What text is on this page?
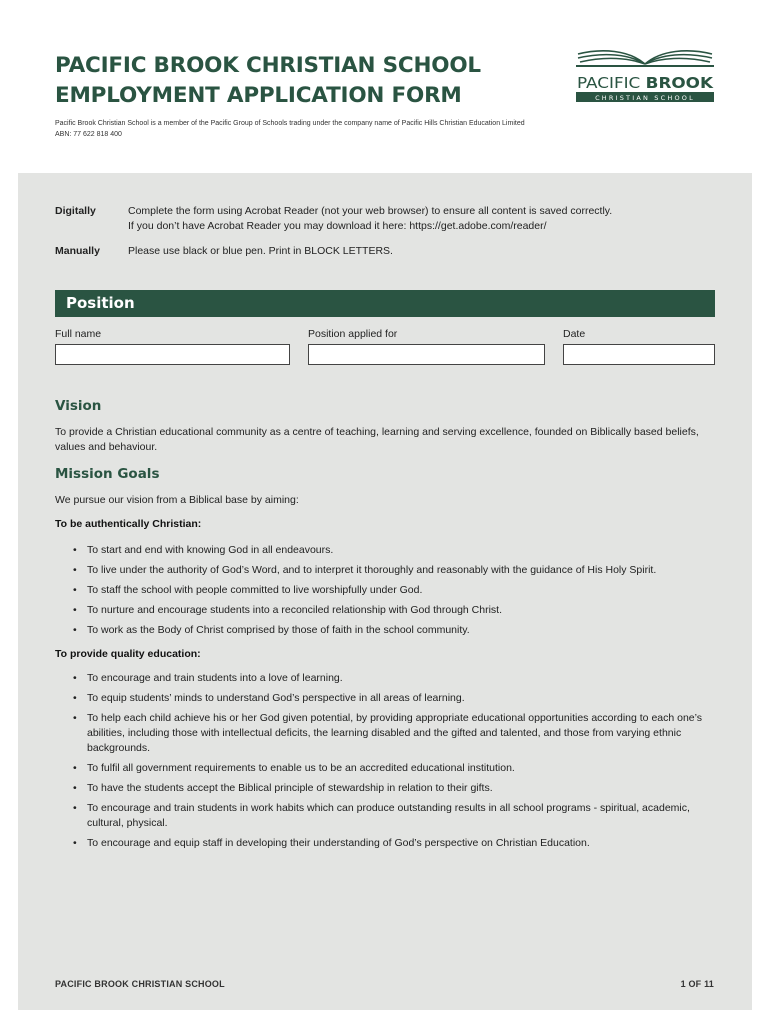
PACIFIC BROOK CHRISTIAN SCHOOL
EMPLOYMENT APPLICATION FORM	PACIFIC BROOK
CHRISTIAN SCHOOL
Pacific Brook Christian School is a member of the Pacific Group of Schools trading under the company name of Pacific Hills Christian Education Limited
ABN: 77 622 818 400
Digitally	Complete the form using Acrobat Reader (not your web browser) to ensure all content is saved correctly.
If you don’t have Acrobat Reader you may download it here: https://get.adobe.com/reader/
Manually	Please use black or blue pen. Print in BLOCK LETTERS.
Position
Full name	Position applied for	Date
Vision
To provide a Christian educational community as a centre of teaching, learning and serving excellence, founded on Biblically based beliefs, values and behaviour.
Mission Goals
We pursue our vision from a Biblical base by aiming:
To be authentically Christian:
• To start and end with knowing God in all endeavours.
• To live under the authority of God’s Word, and to interpret it thoroughly and reasonably with the guidance of His Holy Spirit.
• To staff the school with people committed to live worshipfully under God.
• To nurture and encourage students into a reconciled relationship with God through Christ.
• To work as the Body of Christ comprised by those of faith in the school community.
To provide quality education:
• To encourage and train students into a love of learning.
• To equip students’ minds to understand God’s perspective in all areas of learning.
• To help each child achieve his or her God given potential, by providing appropriate educational opportunities according to each one’s abilities, including those with intellectual deficits, the learning disabled and the gifted and talented, and those from varying ethnic backgrounds.
• To fulfil all government requirements to enable us to be an accredited educational institution.
• To have the students accept the Biblical principle of stewardship in relation to their gifts.
• To encourage and train students in work habits which can produce outstanding results in all school programs - spiritual, academic, cultural, physical.
• To encourage and equip staff in developing their understanding of God’s perspective on Christian Education.
PACIFIC BROOK CHRISTIAN SCHOOL	1 OF 11
